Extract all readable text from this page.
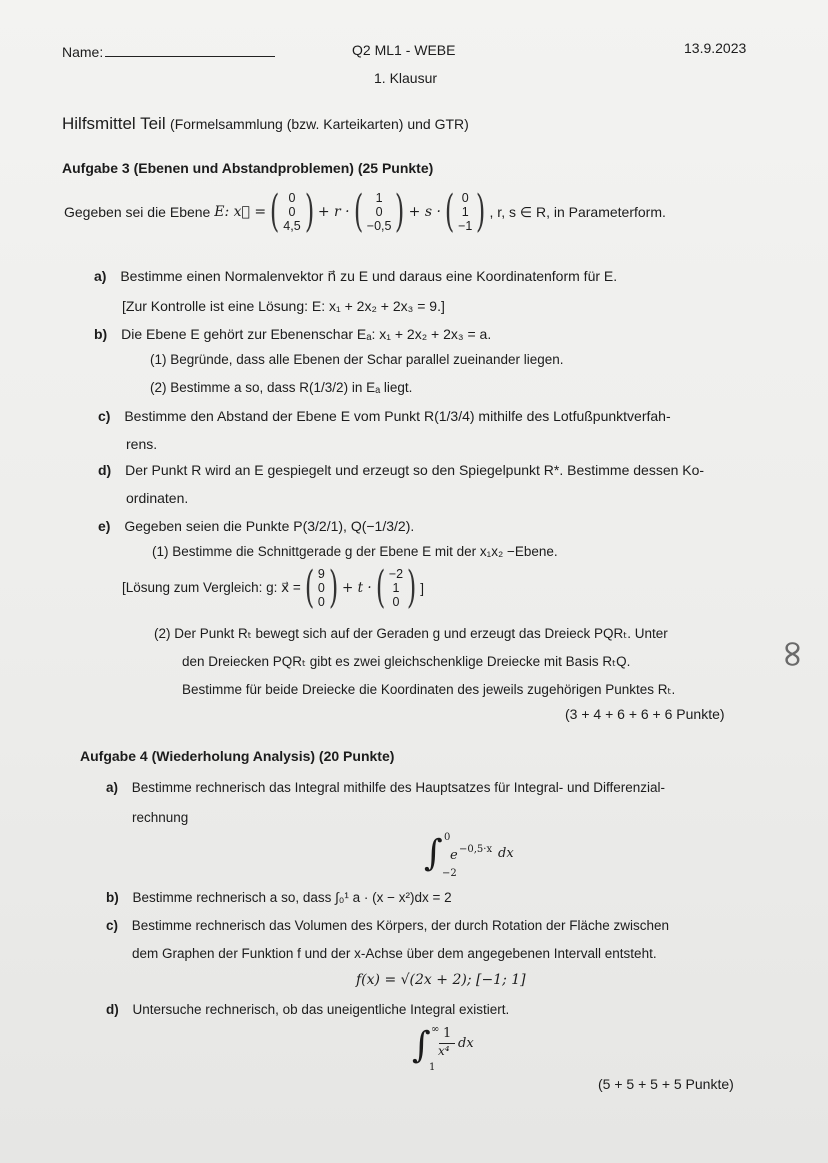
Name:	Q2 ML1 - WEBE	13.9.2023
1. Klausur
Hilfsmittel Teil (Formelsammlung (bzw. Karteikarten) und GTR)
Aufgabe 3 (Ebenen und Abstandproblemen) (25 Punkte)
Gegeben sei die Ebene
E: x⃗ = ( 0
0
4,5 ) + r · ( 1
0
−0,5 ) + s · ( 0
1
−1 ) , r, s ∈ R, in Parameterform.
a) Bestimme einen Normalenvektor n⃗ zu E und daraus eine Koordinatenform für E.
[Zur Kontrolle ist eine Lösung: E: x₁ + 2x₂ + 2x₃ = 9.]
b) Die Ebene E gehört zur Ebenenschar Eₐ: x₁ + 2x₂ + 2x₃ = a.
(1) Begründe, dass alle Ebenen der Schar parallel zueinander liegen.
(2) Bestimme a so, dass R(1/3/2) in Eₐ liegt.
c) Bestimme den Abstand der Ebene E vom Punkt R(1/3/4) mithilfe des Lotfußpunktverfah-
rens.
d) Der Punkt R wird an E gespiegelt und erzeugt so den Spiegelpunkt R*. Bestimme dessen Ko-
ordinaten.
e) Gegeben seien die Punkte P(3/2/1), Q(−1/3/2).
(1) Bestimme die Schnittgerade g der Ebene E mit der x₁x₂ −Ebene.
[Lösung zum Vergleich: g: x⃗ = ( 9
0
0 ) + t · ( −2
1
0 ) ]
(2) Der Punkt Rₜ bewegt sich auf der Geraden g und erzeugt das Dreieck PQRₜ. Unter
den Dreiecken PQRₜ gibt es zwei gleichschenklige Dreiecke mit Basis RₜQ.
Bestimme für beide Dreiecke die Koordinaten des jeweils zugehörigen Punktes Rₜ.
(3 + 4 + 6 + 6 + 6 Punkte)
∞
Aufgabe 4 (Wiederholung Analysis) (20 Punkte)
a) Bestimme rechnerisch das Integral mithilfe des Hauptsatzes für Integral- und Differenzial-
rechnung
∫ 0
−2
e −0,5·x dx
b) Bestimme rechnerisch a so, dass ∫₀¹ a · (x − x²)dx = 2
c) Bestimme rechnerisch das Volumen des Körpers, der durch Rotation der Fläche zwischen
dem Graphen der Funktion f und der x-Achse über dem angegebenen Intervall entsteht.
f(x) = √(2x + 2); [−1; 1]
d) Untersuche rechnerisch, ob das uneigentliche Integral existiert.
∫ ∞
1
1
x⁴ dx
(5 + 5 + 5 + 5 Punkte)
